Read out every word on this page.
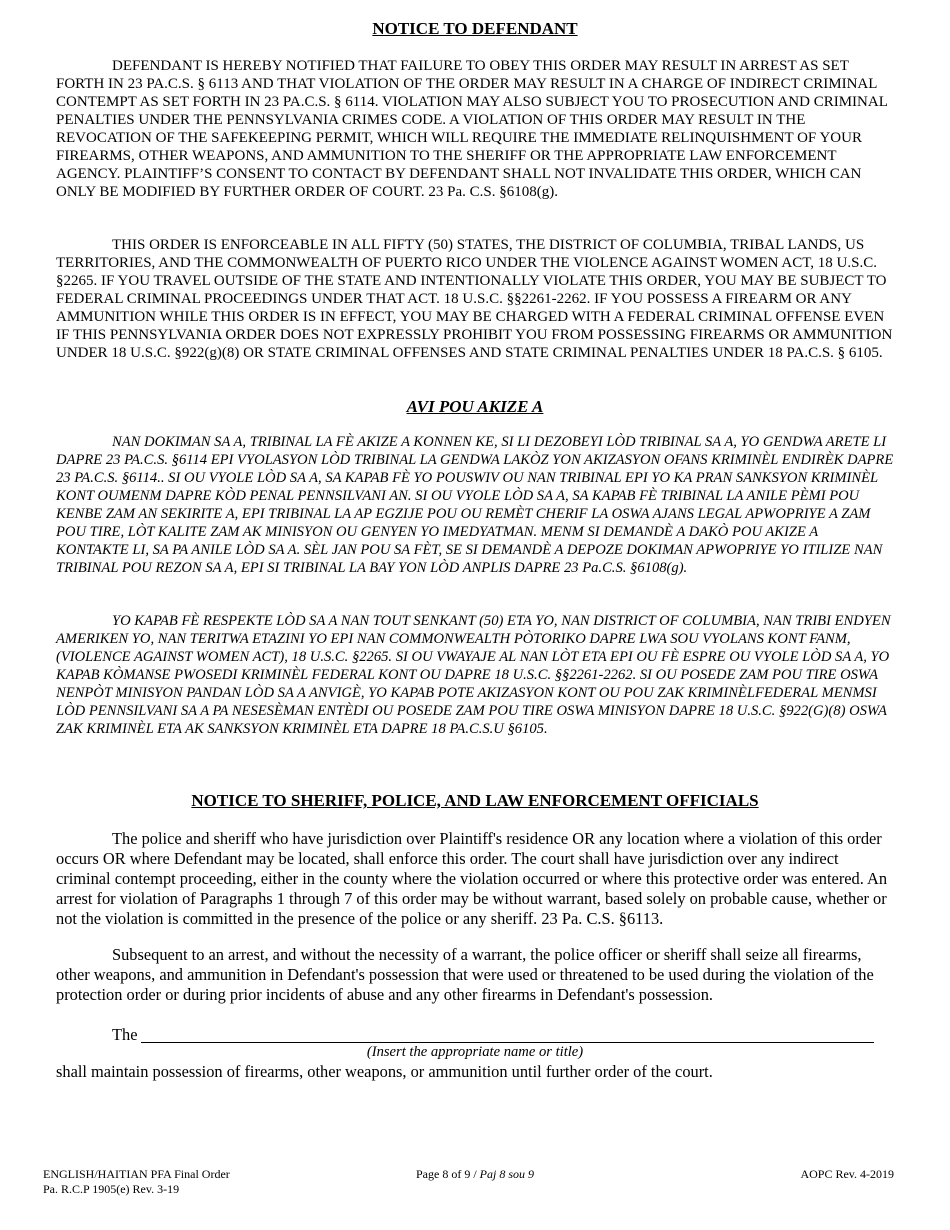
NOTICE TO DEFENDANT

DEFENDANT IS HEREBY NOTIFIED THAT FAILURE TO OBEY THIS ORDER MAY RESULT IN ARREST AS SET FORTH IN 23 PA.C.S. § 6113 AND THAT VIOLATION OF THE ORDER MAY RESULT IN A CHARGE OF INDIRECT CRIMINAL CONTEMPT AS SET FORTH IN 23 PA.C.S. § 6114. VIOLATION MAY ALSO SUBJECT YOU TO PROSECUTION AND CRIMINAL PENALTIES UNDER THE PENNSYLVANIA CRIMES CODE. A VIOLATION OF THIS ORDER MAY RESULT IN THE REVOCATION OF THE SAFEKEEPING PERMIT, WHICH WILL REQUIRE THE IMMEDIATE RELINQUISHMENT OF YOUR FIREARMS, OTHER WEAPONS, AND AMMUNITION TO THE SHERIFF OR THE APPROPRIATE LAW ENFORCEMENT AGENCY. PLAINTIFF’S CONSENT TO CONTACT BY DEFENDANT SHALL NOT INVALIDATE THIS ORDER, WHICH CAN ONLY BE MODIFIED BY FURTHER ORDER OF COURT. 23 Pa. C.S. §6108(g).

THIS ORDER IS ENFORCEABLE IN ALL FIFTY (50) STATES, THE DISTRICT OF COLUMBIA, TRIBAL LANDS, US TERRITORIES, AND THE COMMONWEALTH OF PUERTO RICO UNDER THE VIOLENCE AGAINST WOMEN ACT, 18 U.S.C. §2265. IF YOU TRAVEL OUTSIDE OF THE STATE AND INTENTIONALLY VIOLATE THIS ORDER, YOU MAY BE SUBJECT TO FEDERAL CRIMINAL PROCEEDINGS UNDER THAT ACT. 18 U.S.C. §§2261-2262. IF YOU POSSESS A FIREARM OR ANY AMMUNITION WHILE THIS ORDER IS IN EFFECT, YOU MAY BE CHARGED WITH A FEDERAL CRIMINAL OFFENSE EVEN IF THIS PENNSYLVANIA ORDER DOES NOT EXPRESSLY PROHIBIT YOU FROM POSSESSING FIREARMS OR AMMUNITION UNDER 18 U.S.C. §922(g)(8) OR STATE CRIMINAL OFFENSES AND STATE CRIMINAL PENALTIES UNDER 18 PA.C.S. § 6105.

AVI POU AKIZE A

NAN DOKIMAN SA A, TRIBINAL LA FÈ AKIZE A KONNEN KE, SI LI DEZOBEYI LÒD TRIBINAL SA A, YO GENDWA ARETE LI DAPRE 23 PA.C.S. §6114 EPI VYOLASYON LÒD TRIBINAL LA GENDWA LAKÒZ YON AKIZASYON OFANS KRIMINÈL ENDIRÈK DAPRE 23 PA.C.S. §6114.. SI OU VYOLE LÒD SA A, SA KAPAB FÈ YO POUSWIV OU NAN TRIBINAL EPI YO KA PRAN SANKSYON KRIMINÈL KONT OUMENM DAPRE KÒD PENAL PENNSILVANI AN. SI OU VYOLE LÒD SA A, SA KAPAB FÈ TRIBINAL LA ANILE PÈMI POU KENBE ZAM AN SEKIRITE A, EPI TRIBINAL LA AP EGZIJE POU OU REMÈT CHERIF LA OSWA AJANS LEGAL APWOPRIYE A ZAM POU TIRE, LÒT KALITE ZAM AK MINISYON OU GENYEN YO IMEDYATMAN. MENM SI DEMANDÈ A DAKÒ POU AKIZE A KONTAKTE LI, SA PA ANILE LÒD SA A. SÈL JAN POU SA FÈT, SE SI DEMANDÈ A DEPOZE DOKIMAN APWOPRIYE YO ITILIZE NAN TRIBINAL POU REZON SA A, EPI SI TRIBINAL LA BAY YON LÒD ANPLIS DAPRE 23 Pa.C.S. §6108(g).

YO KAPAB FÈ RESPEKTE LÒD SA A NAN TOUT SENKANT (50) ETA YO, NAN DISTRICT OF COLUMBIA, NAN TRIBI ENDYEN AMERIKEN YO, NAN TERITWA ETAZINI YO EPI NAN COMMONWEALTH PÒTORIKO DAPRE LWA SOU VYOLANS KONT FANM, (VIOLENCE AGAINST WOMEN ACT), 18 U.S.C. §2265. SI OU VWAYAJE AL NAN LÒT ETA EPI OU FÈ ESPRE OU VYOLE LÒD SA A, YO KAPAB KÒMANSE PWOSEDI KRIMINÈL FEDERAL KONT OU DAPRE 18 U.S.C. §§2261-2262. SI OU POSEDE ZAM POU TIRE OSWA NENPÒT MINISYON PANDAN LÒD SA A ANVIGÈ, YO KAPAB POTE AKIZASYON KONT OU POU ZAK KRIMINÈLFEDERAL MENMSI LÒD PENNSILVANI SA A PA NESESÈMAN ENTÈDI OU POSEDE ZAM POU TIRE OSWA MINISYON DAPRE 18 U.S.C. §922(G)(8) OSWA ZAK KRIMINÈL ETA AK SANKSYON KRIMINÈL ETA DAPRE 18 PA.C.S.U §6105.

NOTICE TO SHERIFF, POLICE, AND LAW ENFORCEMENT OFFICIALS

The police and sheriff who have jurisdiction over Plaintiff's residence OR any location where a violation of this order occurs OR where Defendant may be located, shall enforce this order. The court shall have jurisdiction over any indirect criminal contempt proceeding, either in the county where the violation occurred or where this protective order was entered. An arrest for violation of Paragraphs 1 through 7 of this order may be without warrant, based solely on probable cause, whether or not the violation is committed in the presence of the police or any sheriff. 23 Pa. C.S. §6113.

Subsequent to an arrest, and without the necessity of a warrant, the police officer or sheriff shall seize all firearms, other weapons, and ammunition in Defendant's possession that were used or threatened to be used during the violation of the protection order or during prior incidents of abuse and any other firearms in Defendant's possession.

The
(Insert the appropriate name or title)

shall maintain possession of firearms, other weapons, or ammunition until further order of the court.

ENGLISH/HAITIAN PFA Final Order
Pa. R.C.P 1905(e) Rev. 3-19
Page 8 of 9 / Paj 8 sou 9	AOPC Rev. 4-2019
